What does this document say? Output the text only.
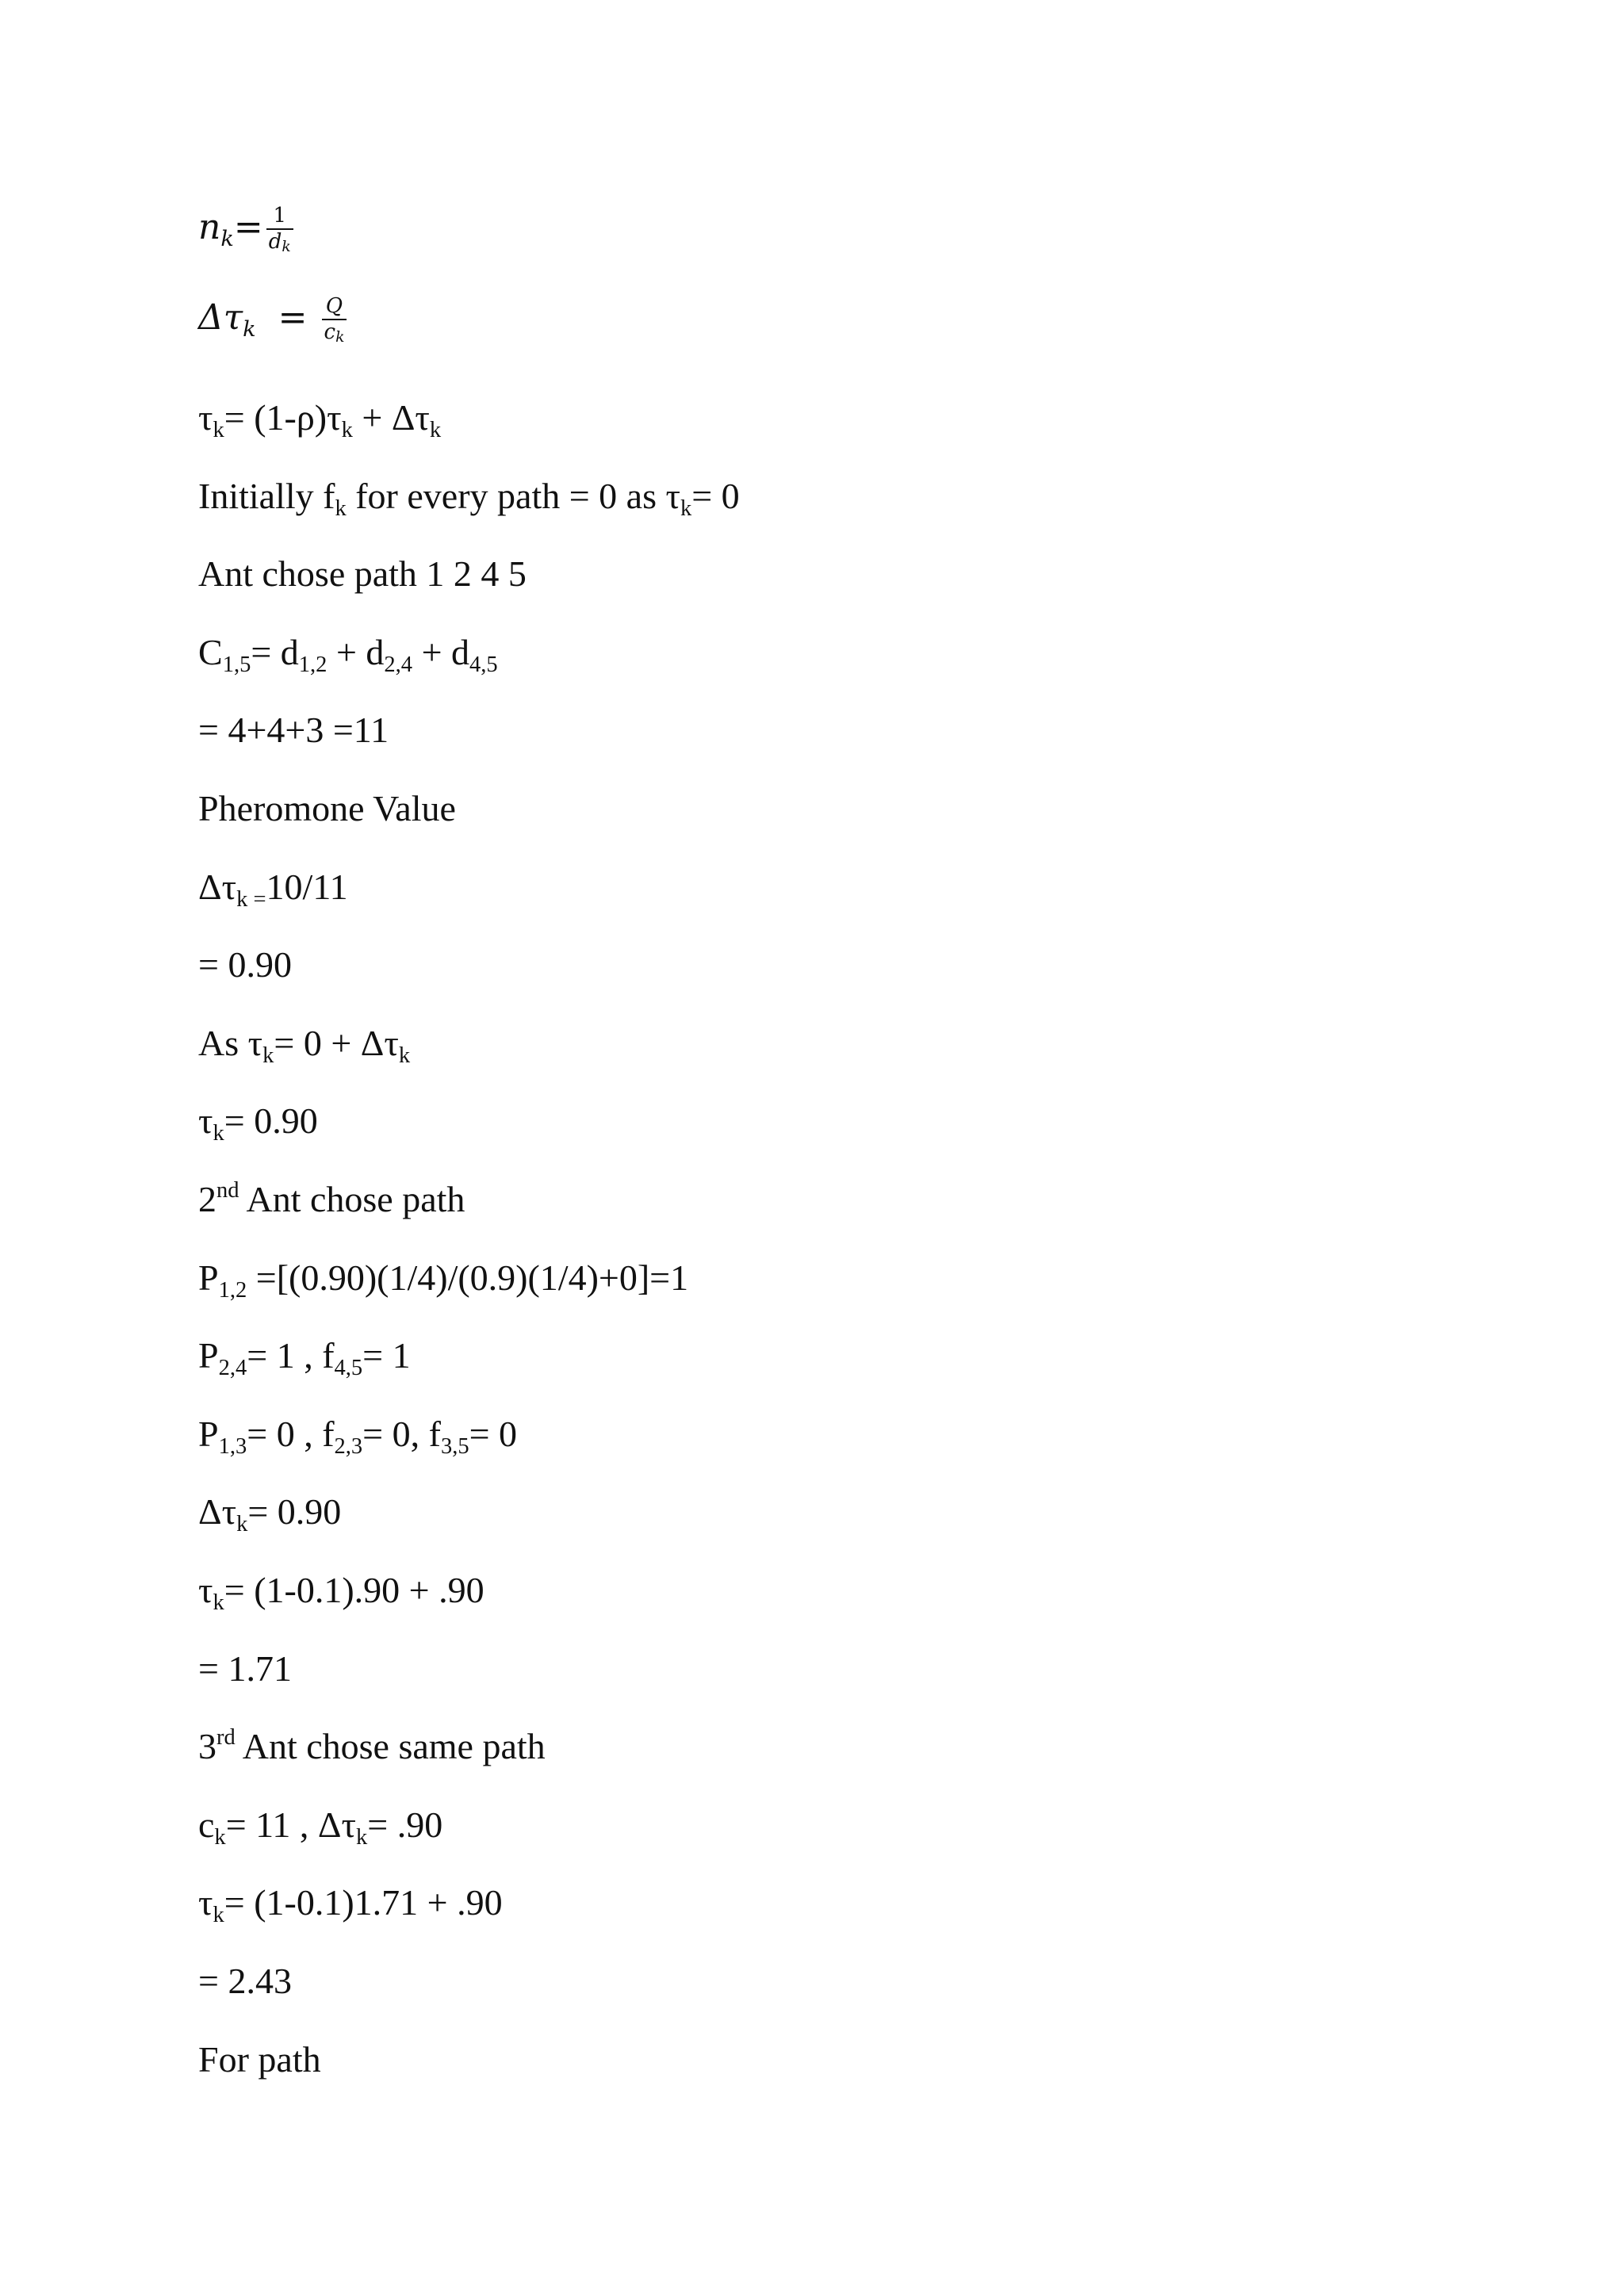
$nk= \frac{1}{dk}$
$\Delta\tau k = \frac{Q}{ck}$
τk= (1-ρ)τk + Δτk
Initially fk for every path = 0 as τk= 0
Ant chose path 1 2 4 5
C1,5= d1,2 + d2,4 + d4,5
= 4+4+3 =11
Pheromone Value
Δτk =10/11
= 0.90
As τk= 0 + Δτk
τk= 0.90
2nd Ant chose path
P1,2 =[(0.90)(1/4)/(0.9)(1/4)+0]=1
P2,4= 1 , f4,5= 1
P1,3= 0 , f2,3= 0, f3,5= 0
Δτk= 0.90
τk= (1-0.1).90 + .90
= 1.71
3rd Ant chose same path
ck= 11 , Δτk= .90
τk= (1-0.1)1.71 + .90
= 2.43
For path
